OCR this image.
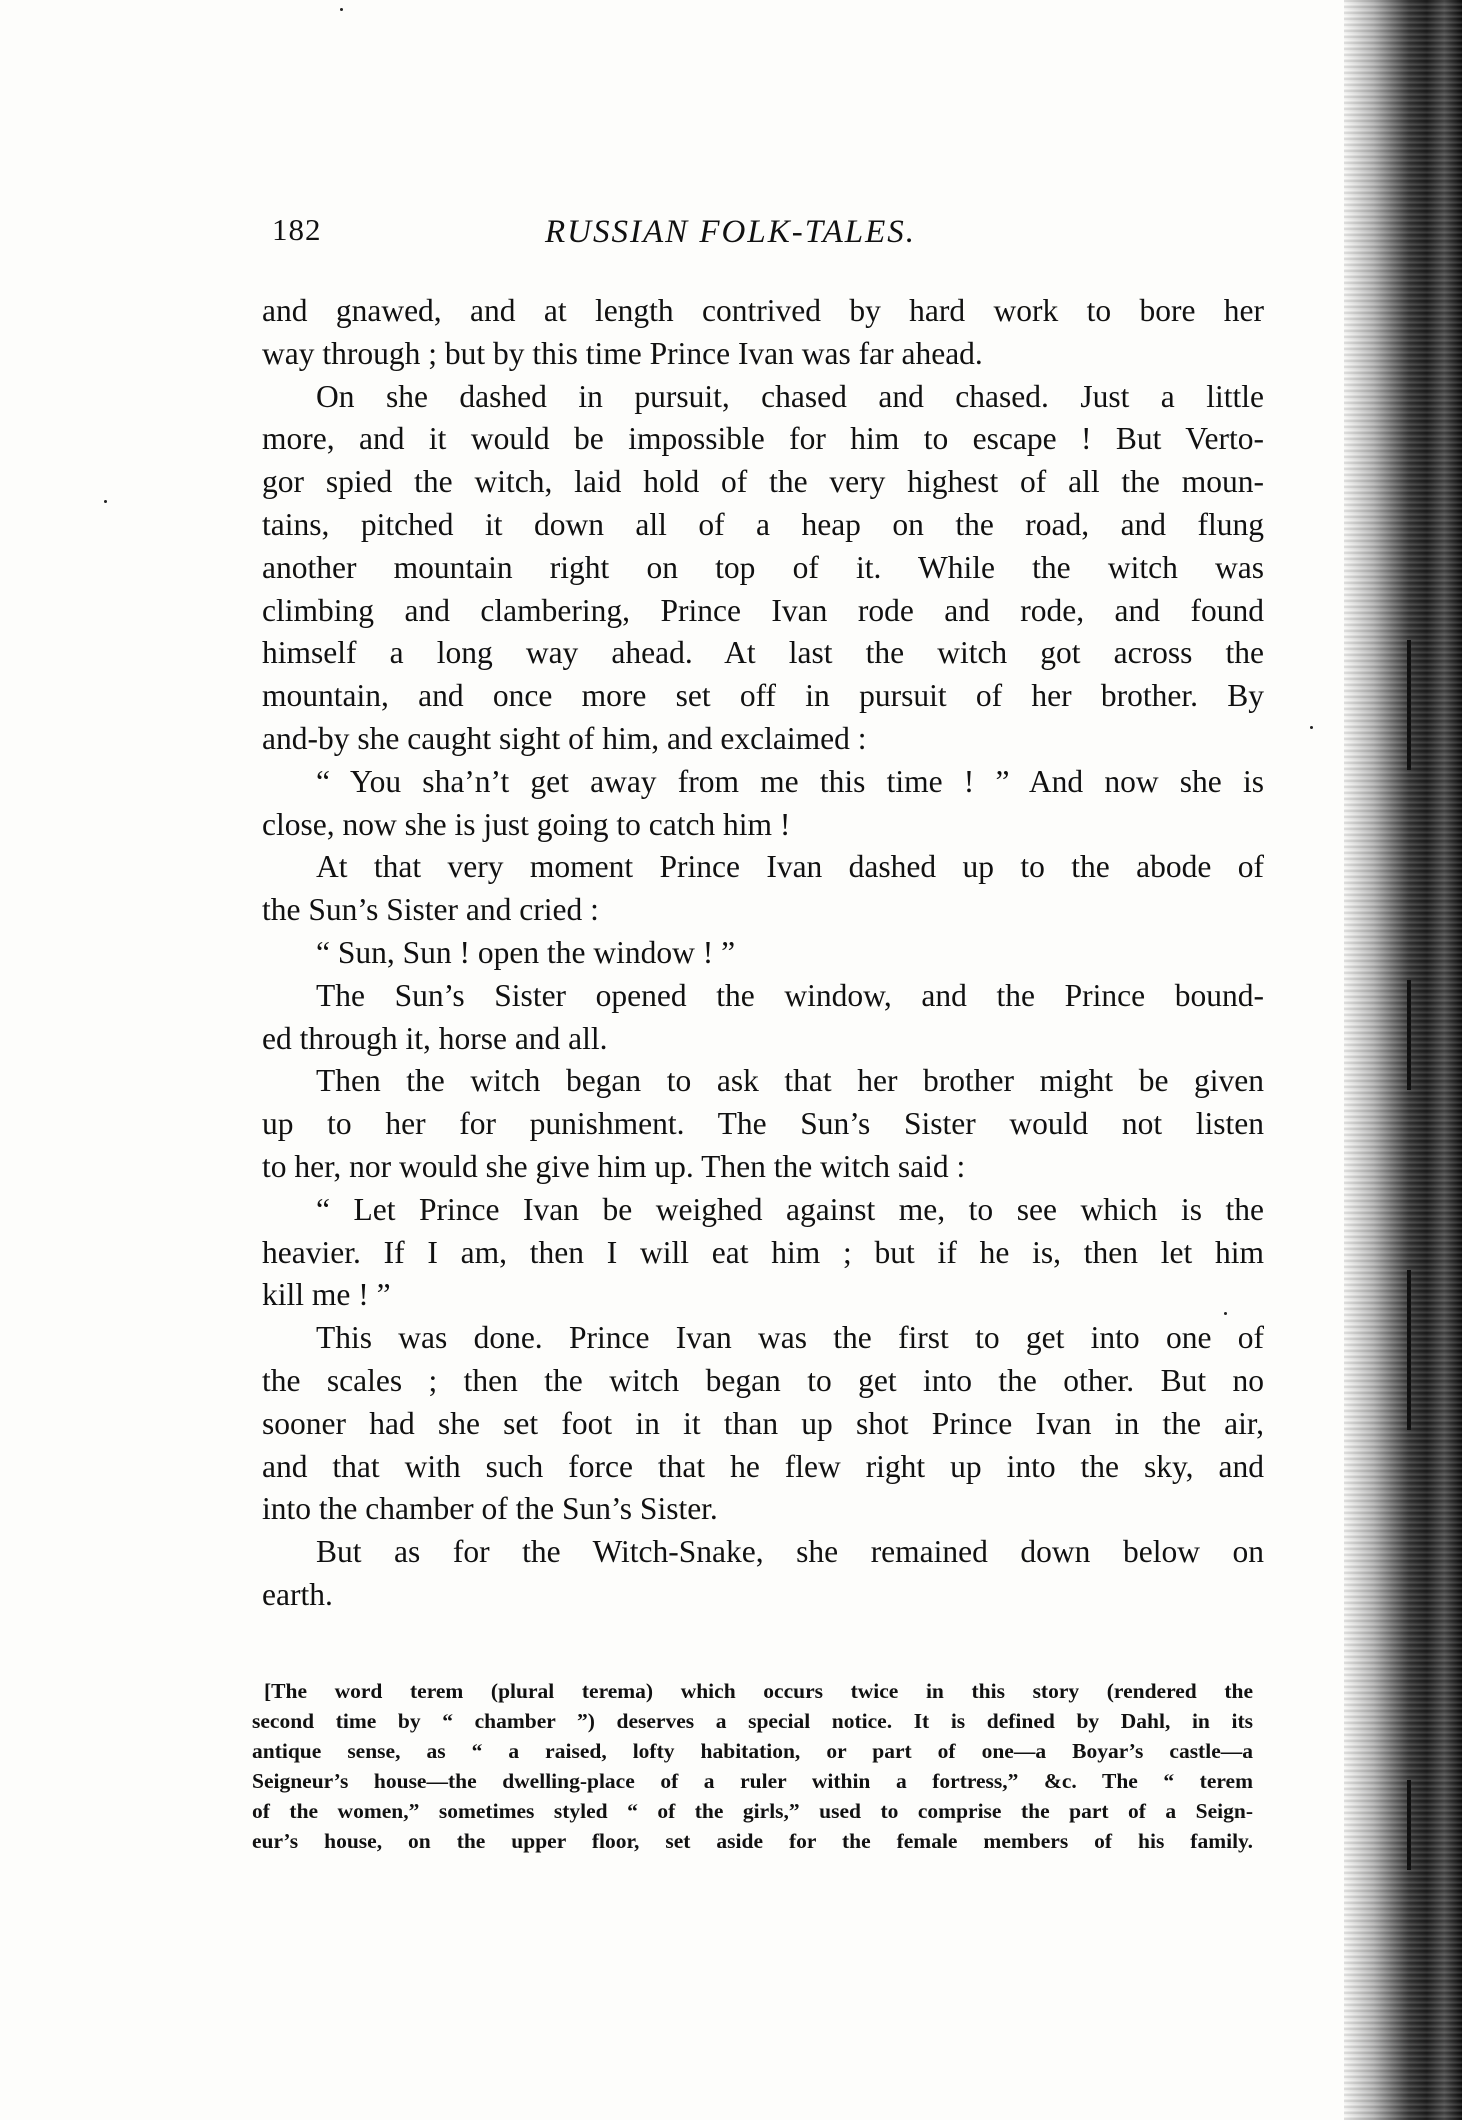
182	RUSSIAN FOLK-TALES.
and gnawed, and at length contrived by hard work to bore her
way through ; but by this time Prince Ivan was far ahead.
On she dashed in pursuit, chased and chased. Just a little
more, and it would be impossible for him to escape ! But Verto-
gor spied the witch, laid hold of the very highest of all the moun-
tains, pitched it down all of a heap on the road, and flung
another mountain right on top of it. While the witch was
climbing and clambering, Prince Ivan rode and rode, and found
himself a long way ahead. At last the witch got across the
mountain, and once more set off in pursuit of her brother. By
and-by she caught sight of him, and exclaimed :
“ You sha’n’t get away from me this time ! ” And now she is
close, now she is just going to catch him !
At that very moment Prince Ivan dashed up to the abode of
the Sun’s Sister and cried :
“ Sun, Sun ! open the window ! ”
The Sun’s Sister opened the window, and the Prince bound-
ed through it, horse and all.
Then the witch began to ask that her brother might be given
up to her for punishment. The Sun’s Sister would not listen
to her, nor would she give him up. Then the witch said :
“ Let Prince Ivan be weighed against me, to see which is the
heavier. If I am, then I will eat him ; but if he is, then let him
kill me ! ”
This was done. Prince Ivan was the first to get into one of
the scales ; then the witch began to get into the other. But no
sooner had she set foot in it than up shot Prince Ivan in the air,
and that with such force that he flew right up into the sky, and
into the chamber of the Sun’s Sister.
But as for the Witch-Snake, she remained down below on
earth.
[The word terem (plural terema) which occurs twice in this story (rendered the
second time by “ chamber ”) deserves a special notice. It is defined by Dahl, in its
antique sense, as “ a raised, lofty habitation, or part of one—a Boyar’s castle—a
Seigneur’s house—the dwelling-place of a ruler within a fortress,” &c. The “ terem
of the women,” sometimes styled “ of the girls,” used to comprise the part of a Seign-
eur’s house, on the upper floor, set aside for the female members of his family.
